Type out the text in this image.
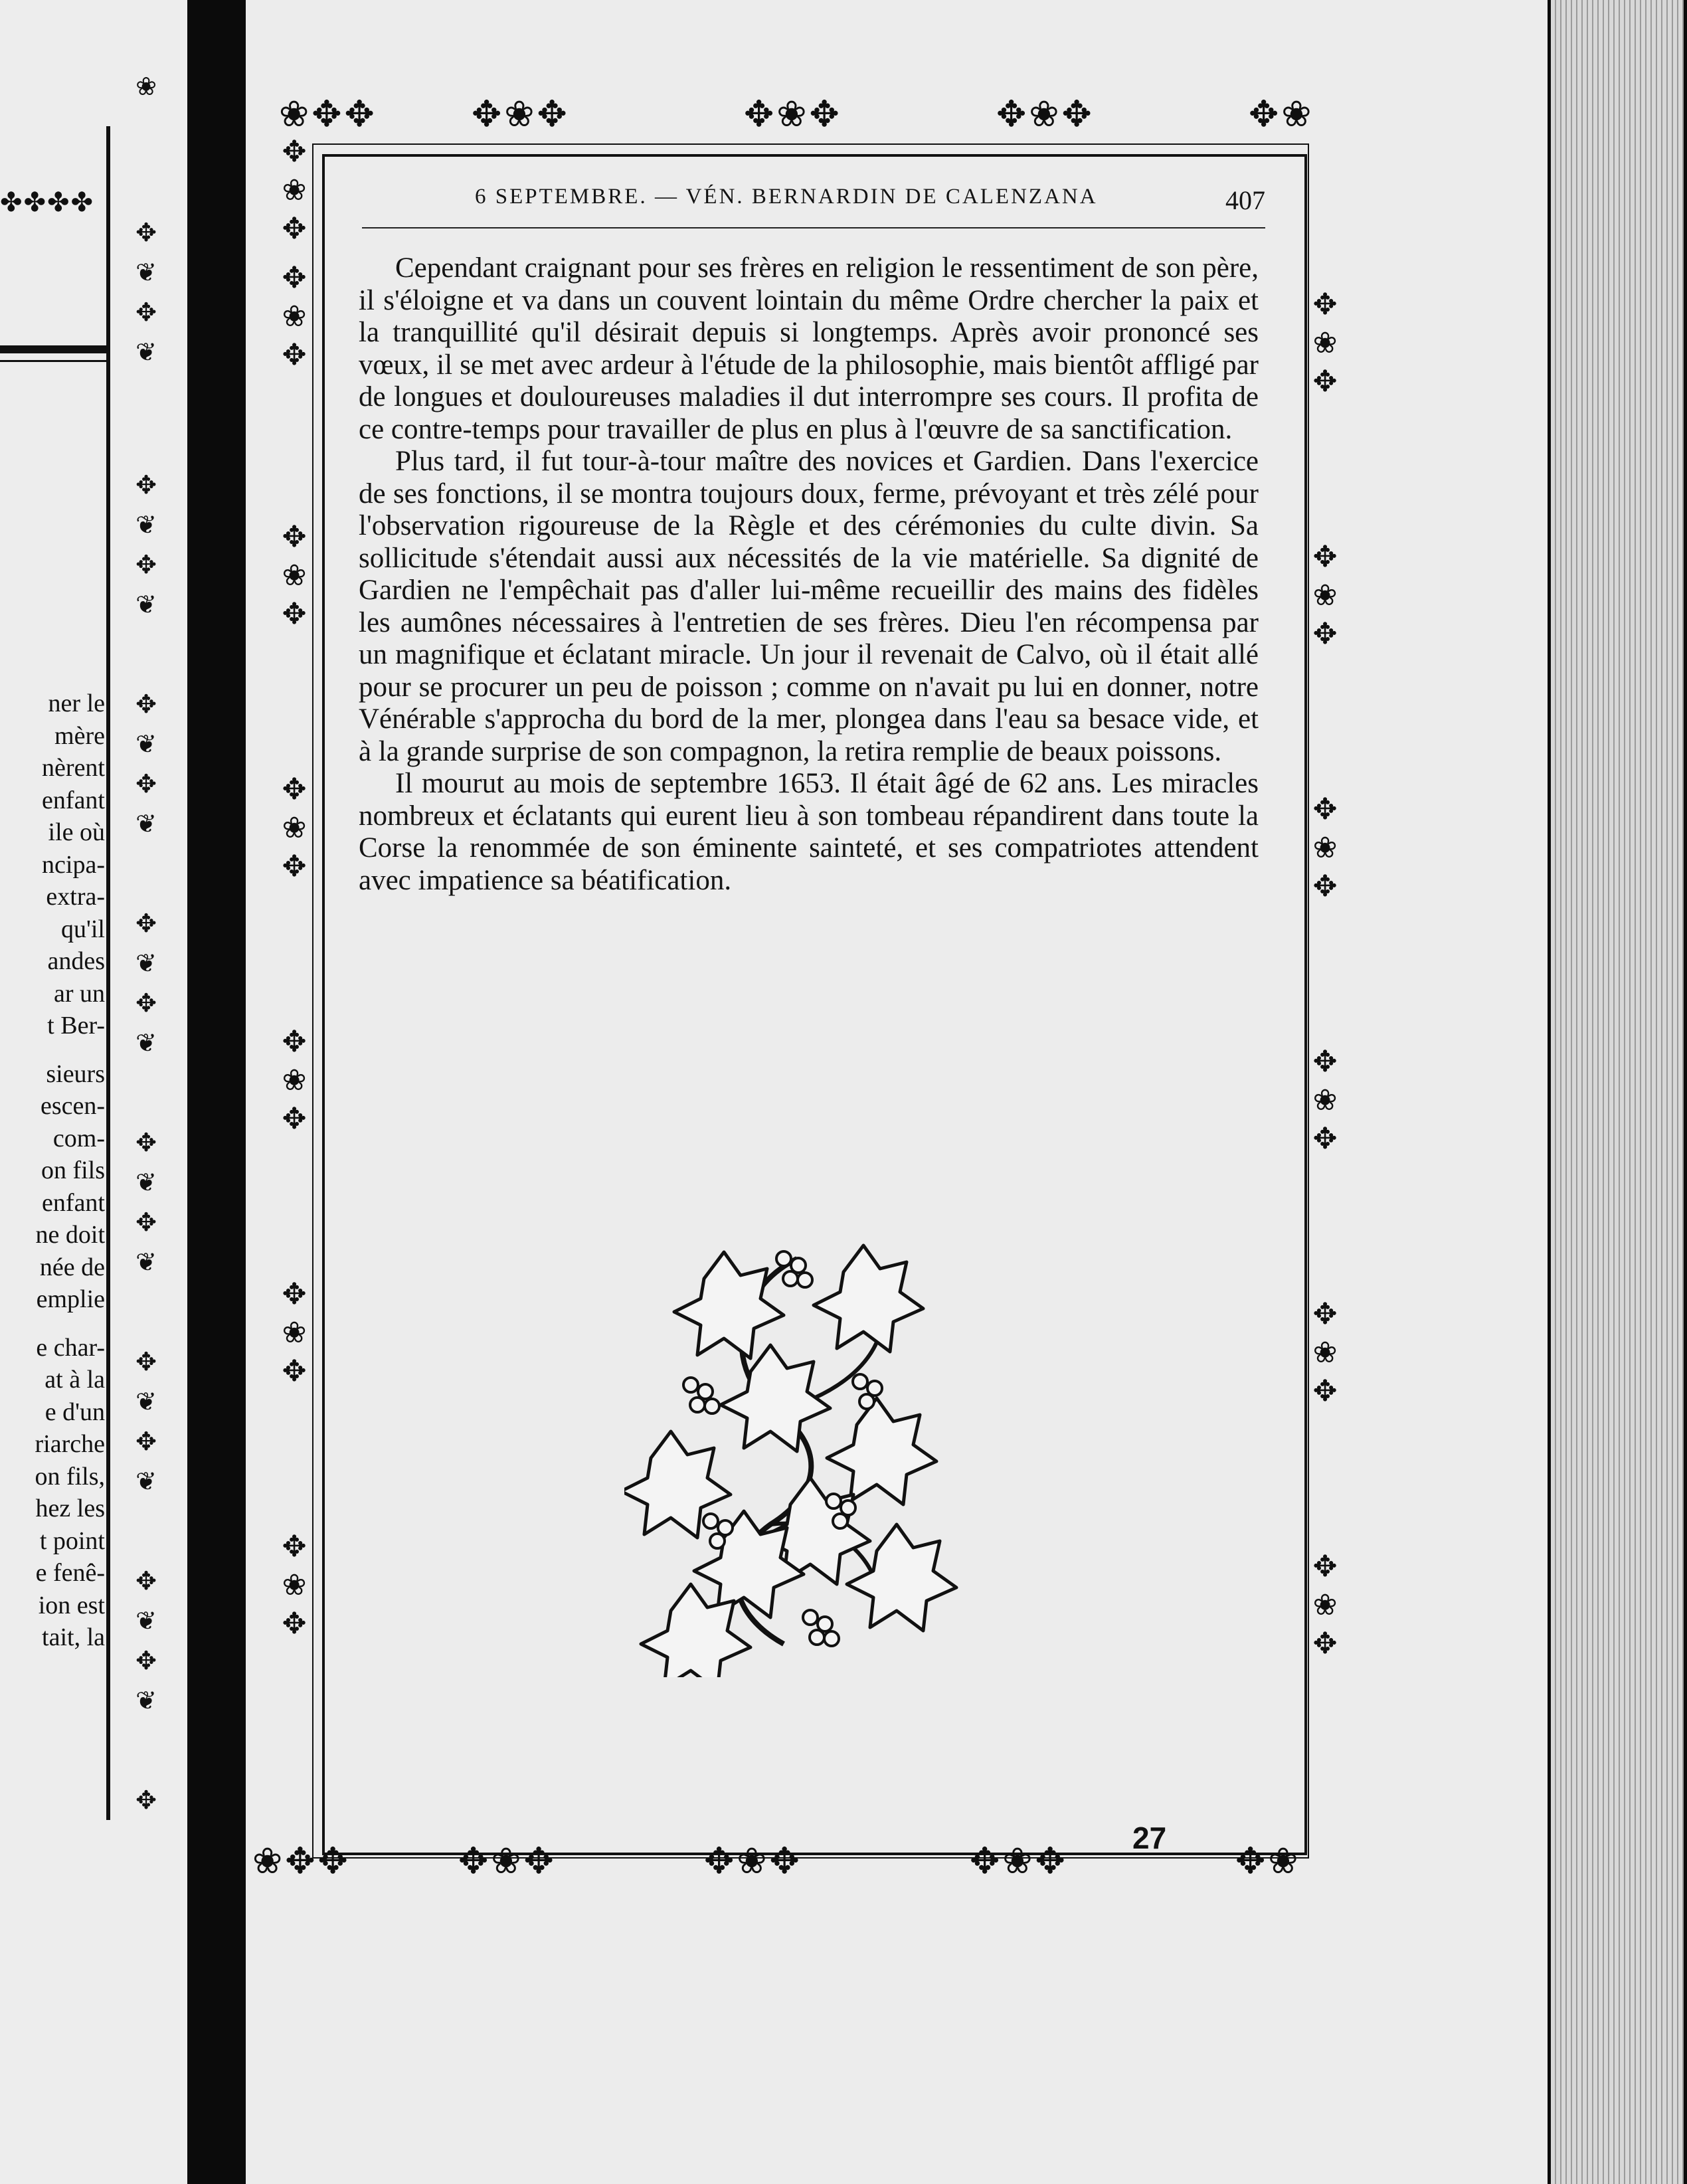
✤✤✤✤
❀
✥
❦
✥
❦
✥
❦
✥
❦
✥
❦
✥
❦
✥
❦
✥
❦
✥
❦
✥
❦
✥
❦
✥
❦
✥
❦
✥
❦
✥
ner le
mère
nèrent
enfant
ile où
ncipa-
extra-
qu'il
andes
ar un
t Ber-
sieurs
escen-
com-
on fils
enfant
ne doit
née de
emplie
e char-
at à la
e d'un
riarche
on fils,
hez les
t point
e fenê-
ion est
tait, la
❀✥✥	✥❀✥	✥❀✥	✥❀✥	✥❀
❀✥✥	✥❀✥	✥❀✥	✥❀✥	✥❀
✥
❀
✥
✥
❀
✥
✥
❀
✥
✥
❀
✥
✥
❀
✥
✥
❀
✥
✥
❀
✥
✥
❀
✥
✥
❀
✥
✥
❀
✥
✥
❀
✥
✥
❀
✥
✥
❀
✥
6 SEPTEMBRE. — VÉN. BERNARDIN DE CALENZANA	407

Cependant craignant pour ses frères en religion le ressentiment de son père, il s'éloigne et va dans un couvent lointain du même Ordre chercher la paix et la tranquillité qu'il désirait depuis si longtemps. Après avoir prononcé ses vœux, il se met avec ardeur à l'étude de la philosophie, mais bientôt affligé par de longues et douloureuses maladies il dut interrompre ses cours. Il profita de ce contre-temps pour travailler de plus en plus à l'œuvre de sa sanctification.

Plus tard, il fut tour-à-tour maître des novices et Gardien. Dans l'exercice de ses fonctions, il se montra toujours doux, ferme, prévoyant et très zélé pour l'observation rigoureuse de la Règle et des cérémonies du culte divin. Sa sollicitude s'étendait aussi aux nécessités de la vie matérielle. Sa dignité de Gardien ne l'empêchait pas d'aller lui-même recueillir des mains des fidèles les aumônes nécessaires à l'entretien de ses frères. Dieu l'en récompensa par un magnifique et éclatant miracle. Un jour il revenait de Calvo, où il était allé pour se procurer un peu de poisson ; comme on n'avait pu lui en donner, notre Vénérable s'approcha du bord de la mer, plongea dans l'eau sa besace vide, et à la grande surprise de son compagnon, la retira remplie de beaux poissons.

Il mourut au mois de septembre 1653. Il était âgé de 62 ans. Les miracles nombreux et éclatants qui eurent lieu à son tombeau répandirent dans toute la Corse la renommée de son éminente sainteté, et ses compatriotes attendent avec impatience sa béatification.

27
